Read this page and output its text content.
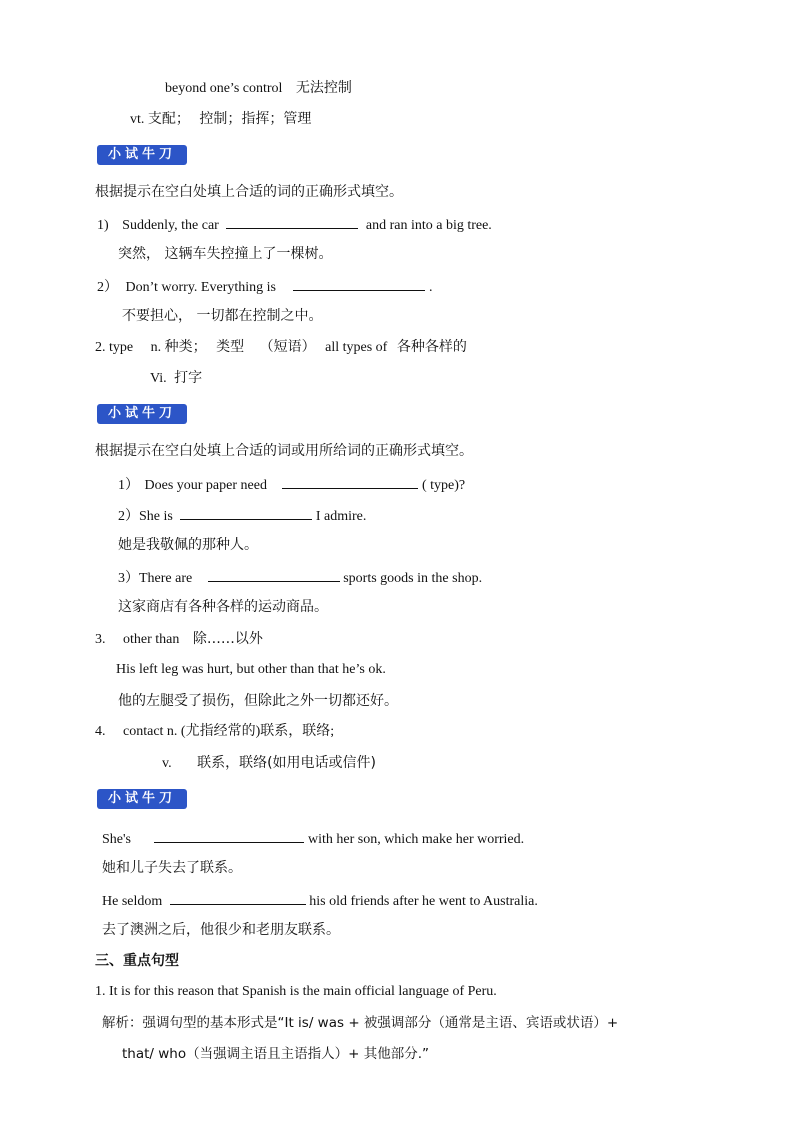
beyond one’s control 无法控制
vt. 支配； 控制；指挥；管理
小试牛刀
根据提示在空白处填上合适的词的正确形式填空。
1) Suddenly, the car	and ran into a big tree.
突然， 这辆车失控撞上了一棵树。
2） Don’t worry. Everything is	.
不要担心， 一切都在控制之中。
2. type n. 种类； 类型 （短语） all types of 各种各样的
Vi. 打字
小试牛刀
根据提示在空白处填上合适的词或用所给词的正确形式填空。
1） Does your paper need	( type)?
2）She is	I admire.
她是我敬佩的那种人。
3）There are	sports goods in the shop.
这家商店有各种各样的运动商品。
3. other than 除……以外
His left leg was hurt, but other than that he’s ok.
他的左腿受了损伤，但除此之外一切都还好。
4. contact n. (尤指经常的)联系，联络;
v. 联系，联络(如用电话或信件)
小试牛刀
She's	with her son, which make her worried.
她和儿子失去了联系。
He seldom	his old friends after he went to Australia.
去了澳洲之后，他很少和老朋友联系。
三、重点句型
1. It is for this reason that Spanish is the main official language of Peru.
解析：强调句型的基本形式是“It is/ was + 被强调部分（通常是主语、宾语或状语）+
that/ who（当强调主语且主语指人）+ 其他部分.”
